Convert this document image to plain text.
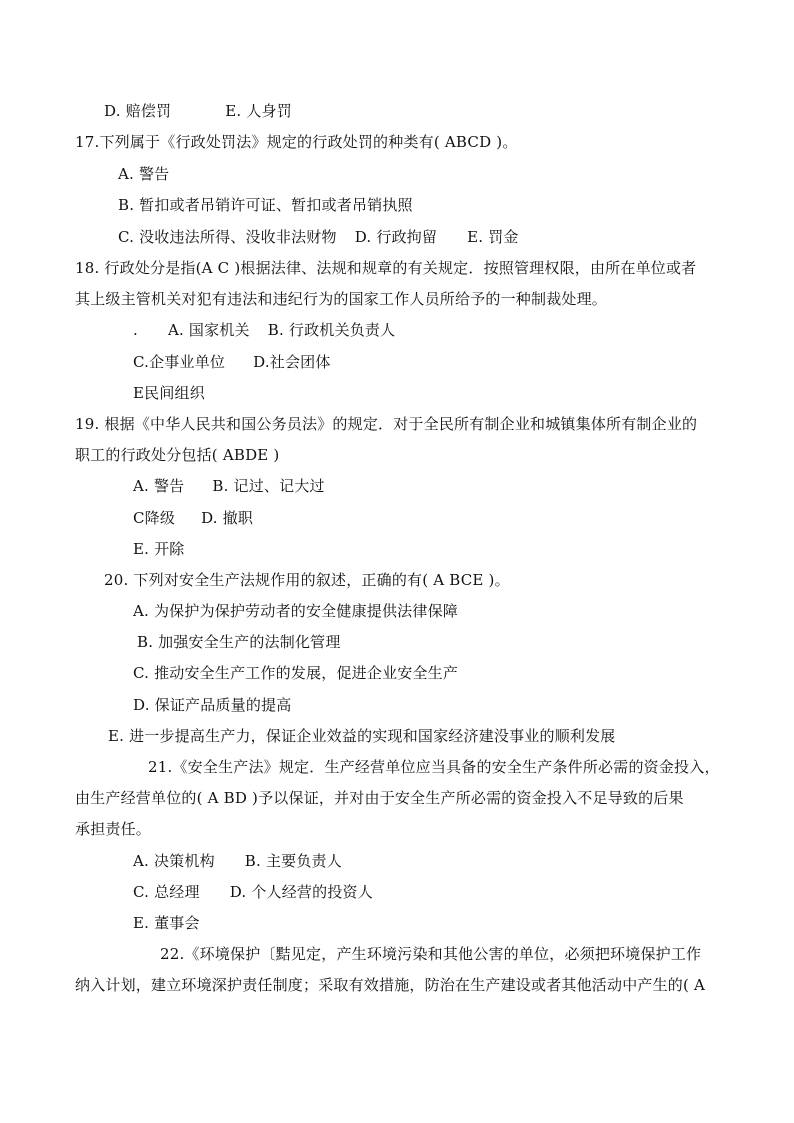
D. 赔偿罚	E. 人身罚
17.下列属于《行政处罚法》规定的行政处罚的种类有( ABCD )。
A. 警告
B. 暂扣或者吊销许可证、暂扣或者吊销执照
C. 没收违法所得、没收非法财物 D. 行政拘留 E. 罚金
18. 行政处分是指(A C )根据法律、法规和规章的有关规定．按照管理权限，由所在单位或者
其上级主管机关对犯有违法和违纪行为的国家工作人员所给予的一种制裁处理。
. A. 国家机关 B. 行政机关负责人
C.企事业单位 D.社会团体
E民间组织
19. 根据《中华人民共和国公务员法》的规定．对于全民所有制企业和城镇集体所有制企业的
职工的行政处分包括( ABDE )
A. 警告 B. 记过、记大过
C降级 D. 撤职
E. 开除
20. 下列对安全生产法规作用的叙述，正确的有( A BCE )。
A. 为保护为保护劳动者的安全健康提供法律保障
B. 加强安全生产的法制化管理
C. 推动安全生产工作的发展，促进企业安全生产
D. 保证产品质量的提高
E. 进一步提高生产力，保证企业效益的实现和国家经济建没事业的顺利发展
21.《安全生产法》规定．生产经营单位应当具备的安全生产条件所必需的资金投入，
由生产经营单位的( A BD )予以保证，并对由于安全生产所必需的资金投入不足导致的后果
承担责任。
A. 决策机构 B. 主要负责人
C. 总经理 D. 个人经营的投资人
E. 董事会
22.《环境保护〔黠见定，产生环境污染和其他公害的单位，必须把环境保护工作
纳入计划，建立环境深护责任制度；采取有效措施，防治在生产建设或者其他活动中产生的( A
